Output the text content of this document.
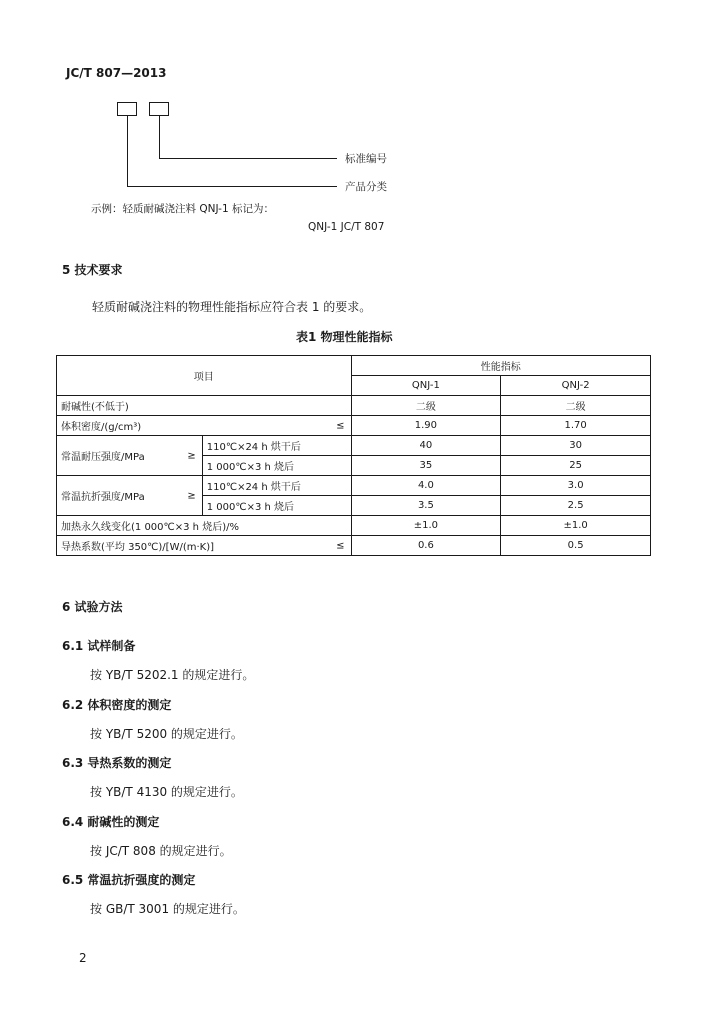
JC/T 807—2013
标准编号
产品分类
示例：轻质耐碱浇注料 QNJ-1 标记为：
QNJ-1 JC/T 807
5 技术要求
轻质耐碱浇注料的物理性能指标应符合表 1 的要求。
表1 物理性能指标
项目		性能指标	
		QNJ-1	QNJ-2
耐碱性(不低于)		二级	二级
体积密度/(g/cm³) ≤		1.90	1.70
常温耐压强度/MPa ≥	110℃×24 h 烘干后	40	30
	1 000℃×3 h 烧后	35	25
常温抗折强度/MPa ≥	110℃×24 h 烘干后	4.0	3.0
	1 000℃×3 h 烧后	3.5	2.5
加热永久线变化(1 000℃×3 h 烧后)/%		±1.0	±1.0
导热系数(平均 350℃)/[W/(m·K)] ≤		0.6	0.5
6 试验方法
6.1 试样制备
按 YB/T 5202.1 的规定进行。
6.2 体积密度的测定
按 YB/T 5200 的规定进行。
6.3 导热系数的测定
按 YB/T 4130 的规定进行。
6.4 耐碱性的测定
按 JC/T 808 的规定进行。
6.5 常温抗折强度的测定
按 GB/T 3001 的规定进行。
2
